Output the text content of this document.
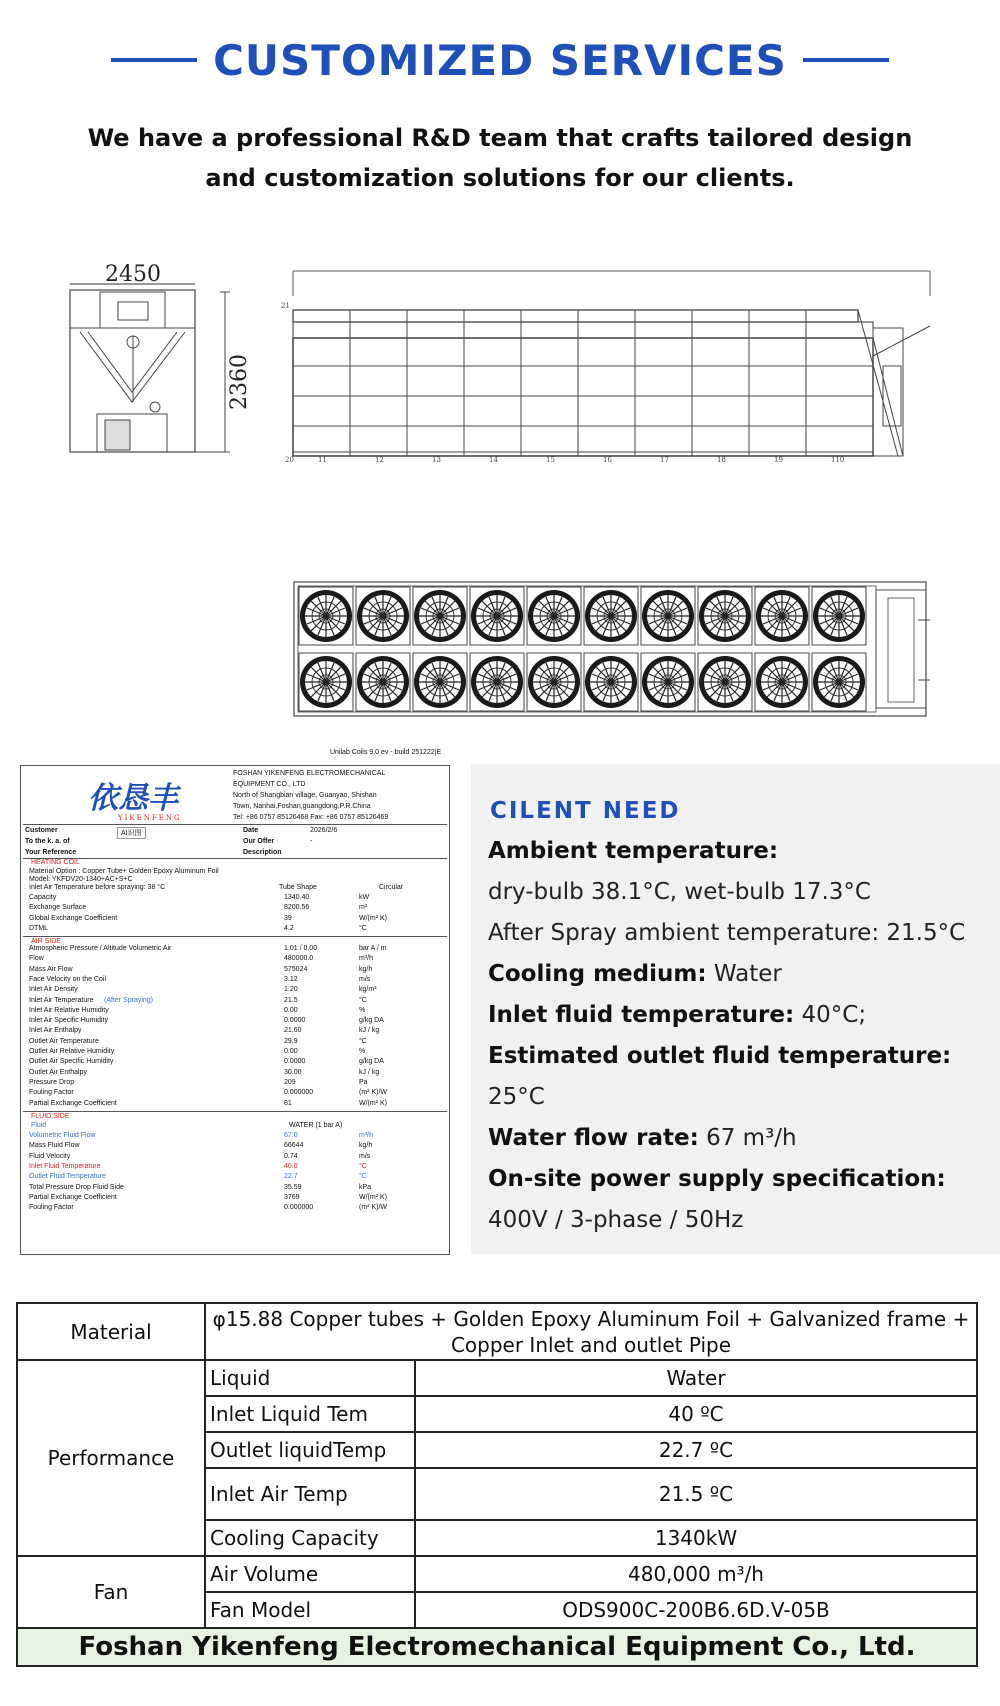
CUSTOMIZED SERVICES
We have a professional R&D team that crafts tailored design
and customization solutions for our clients.
2450
2360
21
20	11	12	13	14	15	16	17	18	19	110
Unilab Coils 9.0 ev - build 251222|E
依恳丰
YIKENFENG
FOSHAN YIKENFENG ELECTROMECHANICAL
EQUIPMENT CO., LTD
North of Shangbian village, Guanyao, Shishan
Town, Nanhai,Foshan,guangdong,P.R.China
Tel: +86 0757 85126468 Fax: +86 0757 85126469
AI识图
Customer	Date	2026/2/6
To the k. a. of	Our Offer	-
Your Reference	Description
HEATING COIL
Material Option : Copper Tube+ Golden Epoxy Aluminum Foil
Model: YKFDV20-1340+AC+S+C
Inlet Air Temperature before spraying: 38 °C	Tube Shape	Circular
Capacity	1340.40	kW
Exchange Surface	8200.56	m²
Global Exchange Coefficient	39	W/(m² K)
DTML	4.2	°C
AIR SIDE
Atmospheric Pressure / Altitude Volumetric Air	1.01 / 0.00	bar A / m
Flow	480000.0	m³/h
Mass Air Flow	575024	kg/h
Face Velocity on the Coil	3.12	m/s
Inlet Air Density	1.20	kg/m³
Inlet Air Temperature (After Spraying)	21.5	°C
Inlet Air Relative Humidity	0.00	%
Inlet Air Specific Humidity	0.0000	g/kg DA
Inlet Air Enthalpy	21.60	kJ / kg
Outlet Air Temperature	29.9	°C
Outlet Air Relative Humidity	0.00	%
Outlet Air Specific Humidity	0.0000	g/kg DA
Outlet Air Enthalpy	30.00	kJ / kg
Pressure Drop	209	Pa
Fouling Factor	0.000000	(m² K)/W
Partial Exchange Coefficient	81	W/(m² K)
FLUID SIDE
Fluid	WATER (1 bar A)
Volumetric Fluid Flow	67.0	m³/h
Mass Fluid Flow	66644	kg/h
Fluid Velocity	0.74	m/s
Inlet Fluid Temperature	40.0	°C
Outlet Fluid Temperature	22.7	°C
Total Pressure Drop Fluid Side	35.59	kPa
Partial Exchange Coefficient	3769	W/(m² K)
Fouling Factor	0.000000	(m² K)/W
CILENT NEED
Ambient temperature:
dry-bulb 38.1°C, wet-bulb 17.3°C
After Spray ambient temperature: 21.5°C
Cooling medium: Water
Inlet fluid temperature: 40°C;
Estimated outlet fluid temperature:
25°C
Water flow rate: 67 m³/h
On-site power supply specification:
400V / 3-phase / 50Hz
Material	φ15.88 Copper tubes + Golden Epoxy Aluminum Foil + Galvanized frame + Copper Inlet and outlet Pipe	
Performance	Liquid	Water
	Inlet Liquid Tem	40 ºC
	Outlet liquidTemp	22.7 ºC
	Inlet Air Temp	21.5 ºC
	Cooling Capacity	1340kW
Fan	Air Volume	480,000 m³/h
	Fan Model	ODS900C-200B6.6D.V-05B
Foshan Yikenfeng Electromechanical Equipment Co., Ltd.		
